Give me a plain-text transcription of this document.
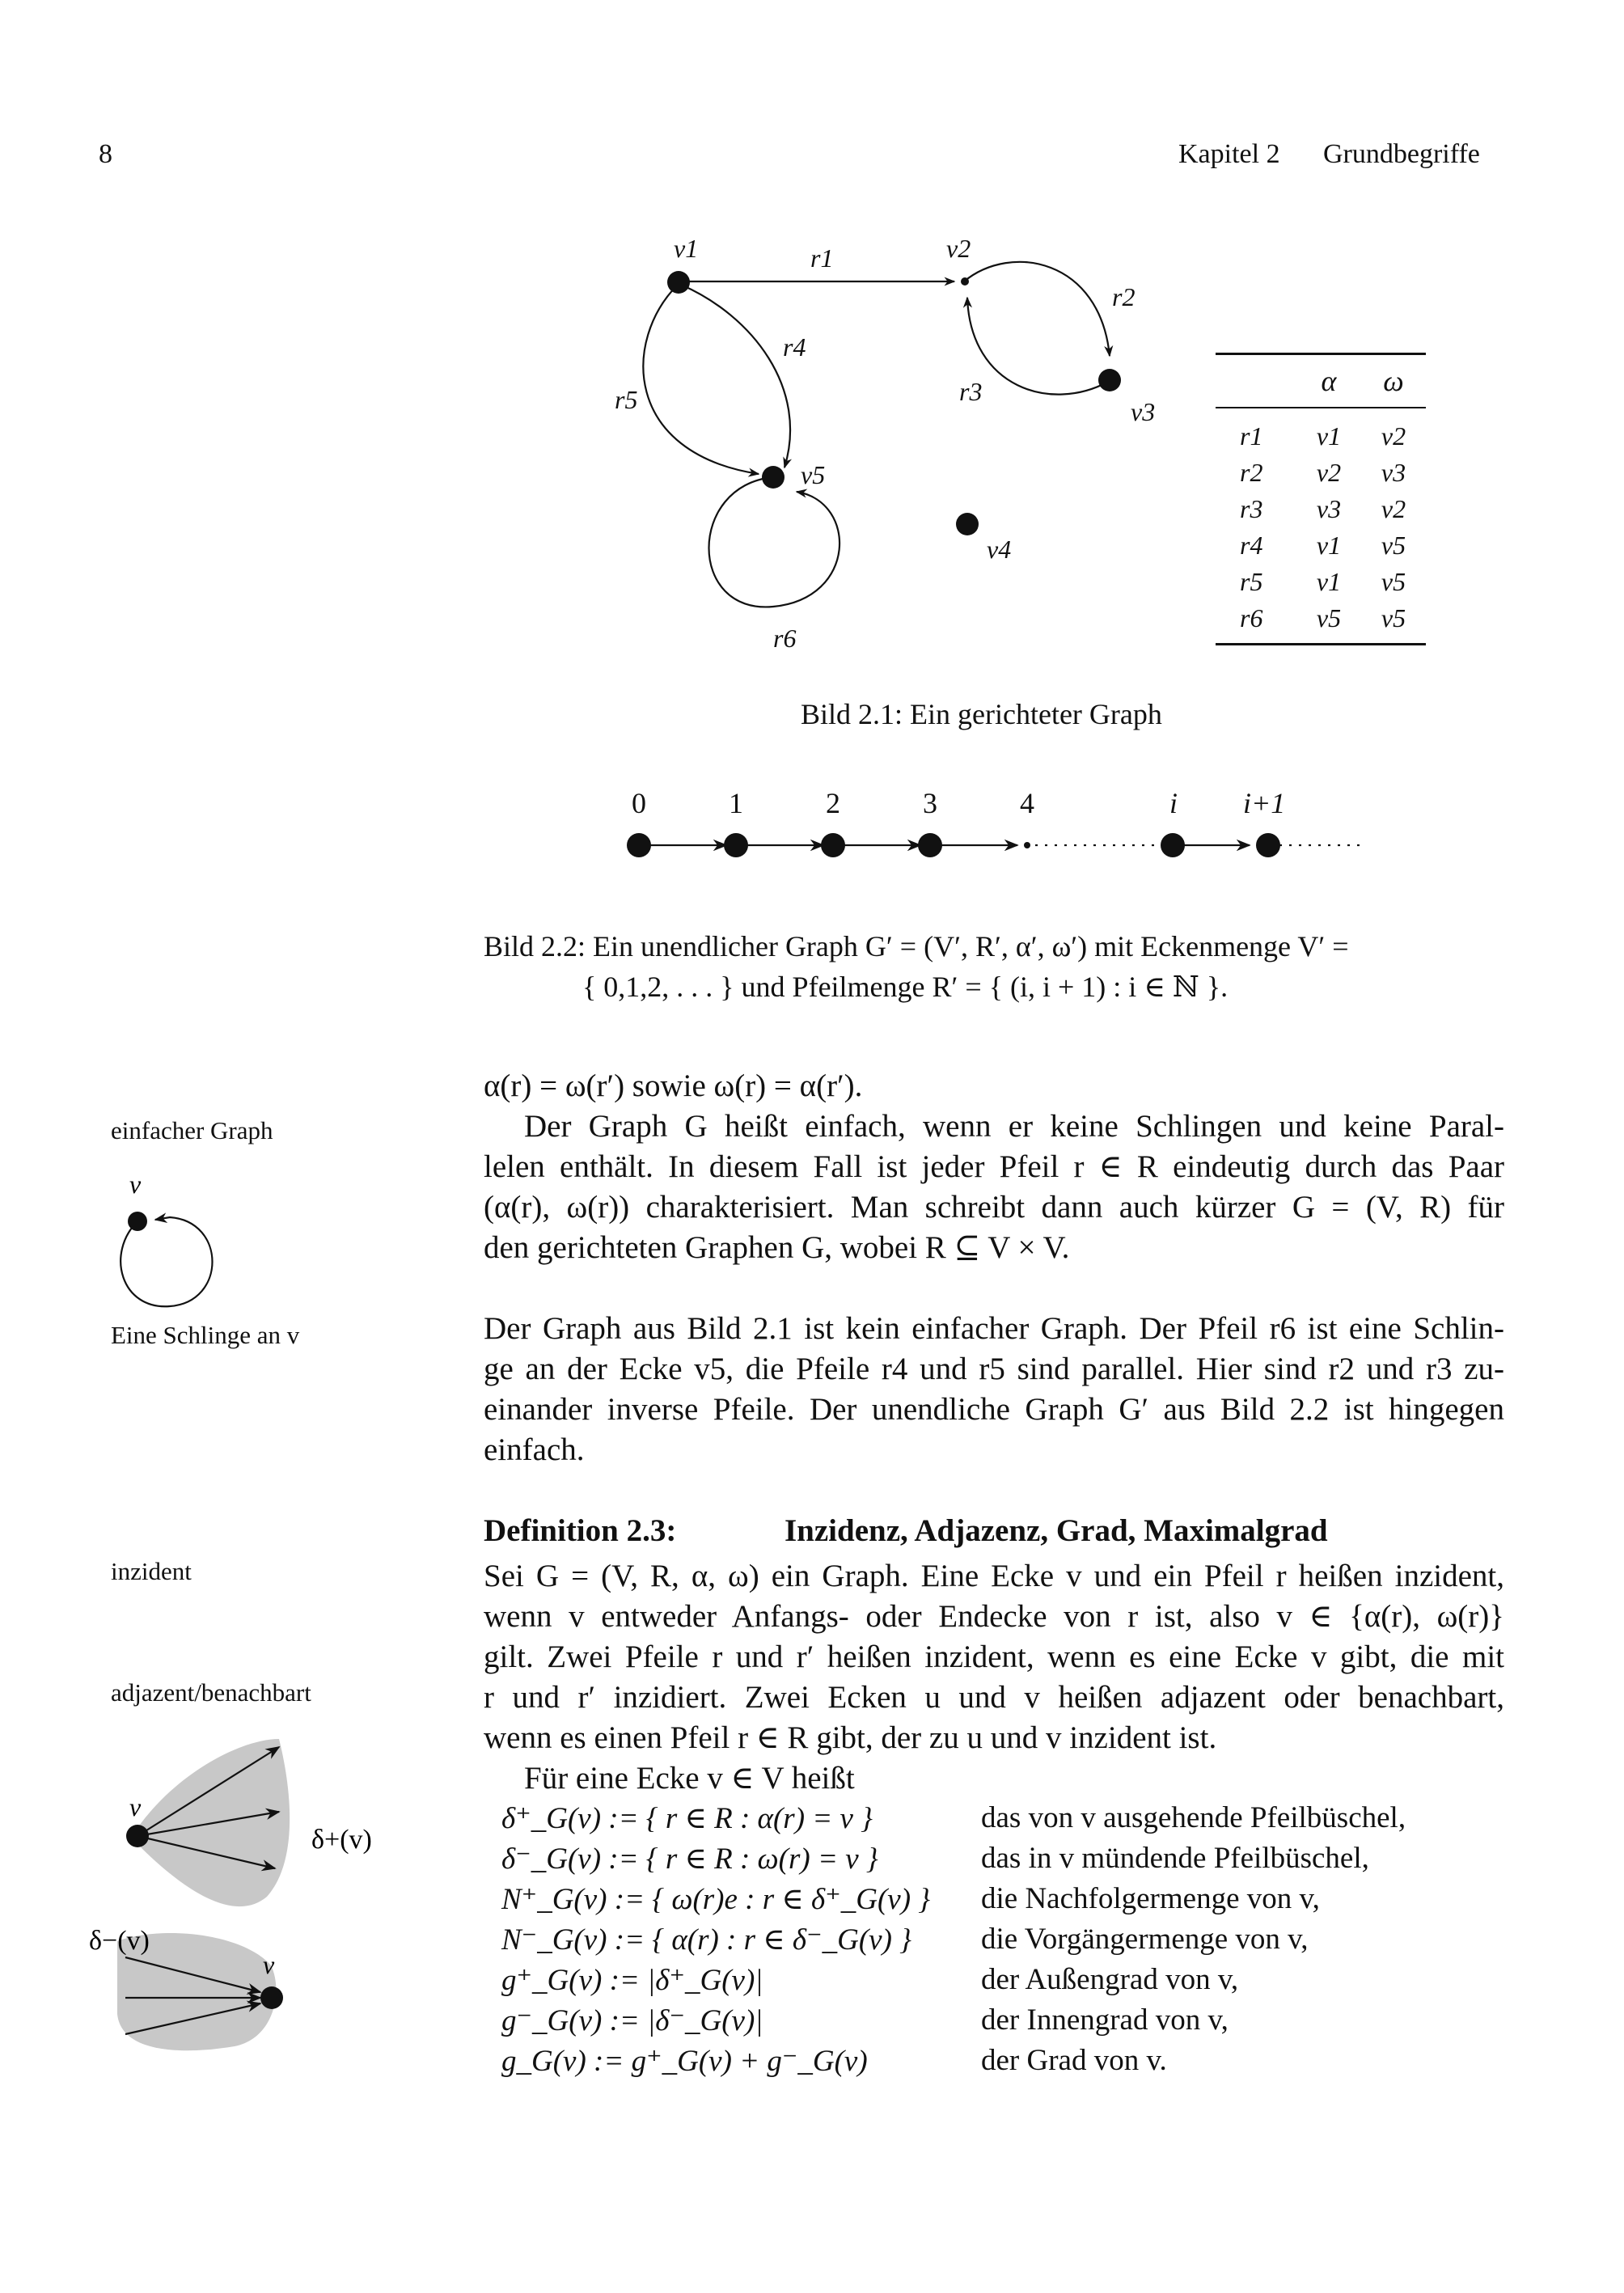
8	Kapitel 2 Grundbegriffe
v1	v2
v3
v4
v5
r1
r2
r3
r4
r5
r6
α	ω
r1	v1	v2
r2	v2	v3
r3	v3	v2
r4	v1	v5
r5	v1	v5
r6	v5	v5
Bild 2.1: Ein gerichteter Graph
0	1	2	3	4	i i+1
Bild 2.2: Ein unendlicher Graph G′ = (V′, R′, α′, ω′) mit Eckenmenge V′ =
{ 0,1,2, . . . } und Pfeilmenge R′ = { (i, i + 1) : i ∈ ℕ }.
einfacher Graph
v
Eine Schlinge an v
inzident
adjazent/benachbart
v
δ+(v)
δ−(v)
v
α(r) = ω(r′) sowie ω(r) = α(r′).
Der Graph G heißt einfach, wenn er keine Schlingen und keine Paral-
lelen enthält. In diesem Fall ist jeder Pfeil r ∈ R eindeutig durch das Paar
(α(r), ω(r)) charakterisiert. Man schreibt dann auch kürzer G = (V, R) für
den gerichteten Graphen G, wobei R ⊆ V × V.
Der Graph aus Bild 2.1 ist kein einfacher Graph. Der Pfeil r6 ist eine Schlin-
ge an der Ecke v5, die Pfeile r4 und r5 sind parallel. Hier sind r2 und r3 zu-
einander inverse Pfeile. Der unendliche Graph G′ aus Bild 2.2 ist hingegen
einfach.
Definition 2.3:	Inzidenz, Adjazenz, Grad, Maximalgrad
Sei G = (V, R, α, ω) ein Graph. Eine Ecke v und ein Pfeil r heißen inzident,
wenn v entweder Anfangs- oder Endecke von r ist, also v ∈ {α(r), ω(r)}
gilt. Zwei Pfeile r und r′ heißen inzident, wenn es eine Ecke v gibt, die mit
r und r′ inzidiert. Zwei Ecken u und v heißen adjazent oder benachbart,
wenn es einen Pfeil r ∈ R gibt, der zu u und v inzident ist.
Für eine Ecke v ∈ V heißt
δ⁺_G(v) := { r ∈ R : α(r) = v }	das von v ausgehende Pfeilbüschel,
δ⁻_G(v) := { r ∈ R : ω(r) = v }	das in v mündende Pfeilbüschel,
N⁺_G(v) := { ω(r)e : r ∈ δ⁺_G(v) } die Nachfolgermenge von v,
N⁻_G(v) := { α(r) : r ∈ δ⁻_G(v) } die Vorgängermenge von v,
g⁺_G(v) := |δ⁺_G(v)|	der Außengrad von v,
g⁻_G(v) := |δ⁻_G(v)|	der Innengrad von v,
g_G(v) := g⁺_G(v) + g⁻_G(v)	der Grad von v.
